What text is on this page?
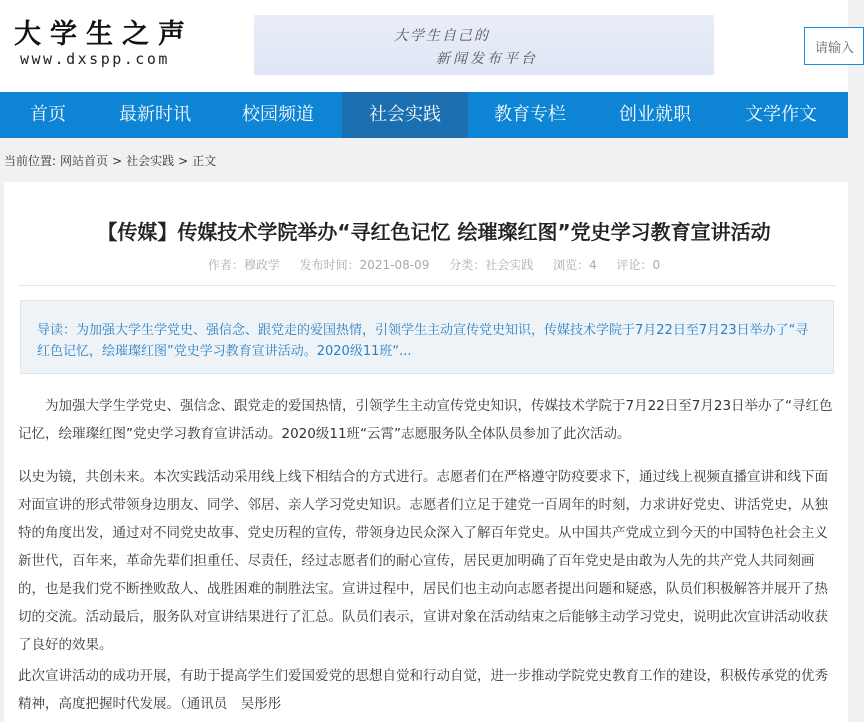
大学生之声
www.dxspp.com
大学生自己的
新闻发布平台
请输入
首页	最新时讯	校园频道	社会实践	教育专栏	创业就职	文学作文
当前位置: 网站首页 > 社会实践 > 正文
【传媒】传媒技术学院举办“寻红色记忆 绘璀璨红图”党史学习教育宣讲活动
作者：穆政学 发布时间：2021-08-09 分类：社会实践 浏览：4 评论：0
导读：为加强大学生学党史、强信念、跟党走的爱国热情，引领学生主动宣传党史知识，传媒技术学院于7月22日至7月23日举办了“寻红色记忆，绘璀璨红图”党史学习教育宣讲活动。2020级11班“...
为加强大学生学党史、强信念、跟党走的爱国热情，引领学生主动宣传党史知识，传媒技术学院于7月22日至7月23日举办了“寻红色记忆，绘璀璨红图”党史学习教育宣讲活动。2020级11班“云霄”志愿服务队全体队员参加了此次活动。
以史为镜，共创未来。本次实践活动采用线上线下相结合的方式进行。志愿者们在严格遵守防疫要求下，通过线上视频直播宣讲和线下面对面宣讲的形式带领身边朋友、同学、邻居、亲人学习党史知识。志愿者们立足于建党一百周年的时刻，力求讲好党史、讲活党史，从独特的角度出发，通过对不同党史故事、党史历程的宣传，带领身边民众深入了解百年党史。从中国共产党成立到今天的中国特色社会主义新世代，百年来，革命先辈们担重任、尽责任，经过志愿者们的耐心宣传，居民更加明确了百年党史是由敢为人先的共产党人共同刻画的，也是我们党不断挫败敌人、战胜困难的制胜法宝。宣讲过程中，居民们也主动向志愿者提出问题和疑惑，队员们积极解答并展开了热切的交流。活动最后，服务队对宣讲结果进行了汇总。队员们表示，宣讲对象在活动结束之后能够主动学习党史，说明此次宣讲活动收获了良好的效果。
此次宣讲活动的成功开展，有助于提高学生们爱国爱党的思想自觉和行动自觉，进一步推动学院党史教育工作的建设，积极传承党的优秀精神，高度把握时代发展。（通讯员　吴彤彤
